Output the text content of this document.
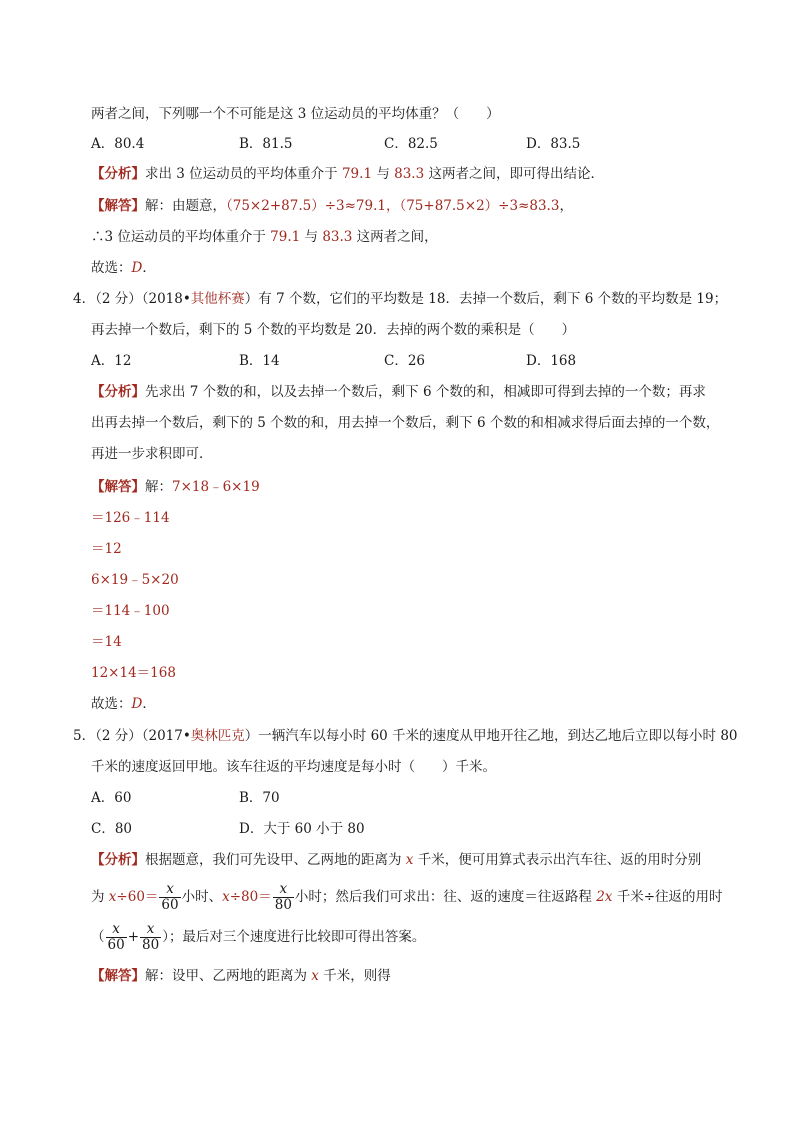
两者之间，下列哪一个不可能是这 3 位运动员的平均体重？（　　）
A．80.4	B．81.5	C．82.5	D．83.5
【分析】求出 3 位运动员的平均体重介于 79.1 与 83.3 这两者之间，即可得出结论．
【解答】解：由题意，（75×2+87.5）÷3≈79.1，（75+87.5×2）÷3≈83.3，
∴3 位运动员的平均体重介于 79.1 与 83.3 这两者之间，
故选：D．
4．（2 分）（2018•其他杯赛）有 7 个数，它们的平均数是 18．去掉一个数后，剩下 6 个数的平均数是 19；
再去掉一个数后，剩下的 5 个数的平均数是 20．去掉的两个数的乘积是（　　）
A．12	B．14	C．26	D．168
【分析】先求出 7 个数的和，以及去掉一个数后，剩下 6 个数的和，相减即可得到去掉的一个数；再求
出再去掉一个数后，剩下的 5 个数的和，用去掉一个数后，剩下 6 个数的和相减求得后面去掉的一个数，
再进一步求积即可．
【解答】解：7×18﹣6×19
＝126﹣114
＝12
6×19﹣5×20
＝114﹣100
＝14
12×14＝168
故选：D．
5．（2 分）（2017•奥林匹克）一辆汽车以每小时 60 千米的速度从甲地开往乙地，到达乙地后立即以每小时 80
千米的速度返回甲地。该车往返的平均速度是每小时（　　）千米。
A．60	B．70
C．80	D．大于 60 小于 80
【分析】根据题意，我们可先设甲、乙两地的距离为 x 千米，便可用算式表示出汽车往、返的用时分别
为 $x\div 60= \frac{x}{60}$ 小时、$x\div 80= \frac{x}{80}$ 小时；然后我们可求出：往、返的速度＝往返路程 2x 千米÷往返的用时
（ $\frac{x}{60} + \frac{x}{80}$ ）；最后对三个速度进行比较即可得出答案。
【解答】解：设甲、乙两地的距离为 x 千米，则得
